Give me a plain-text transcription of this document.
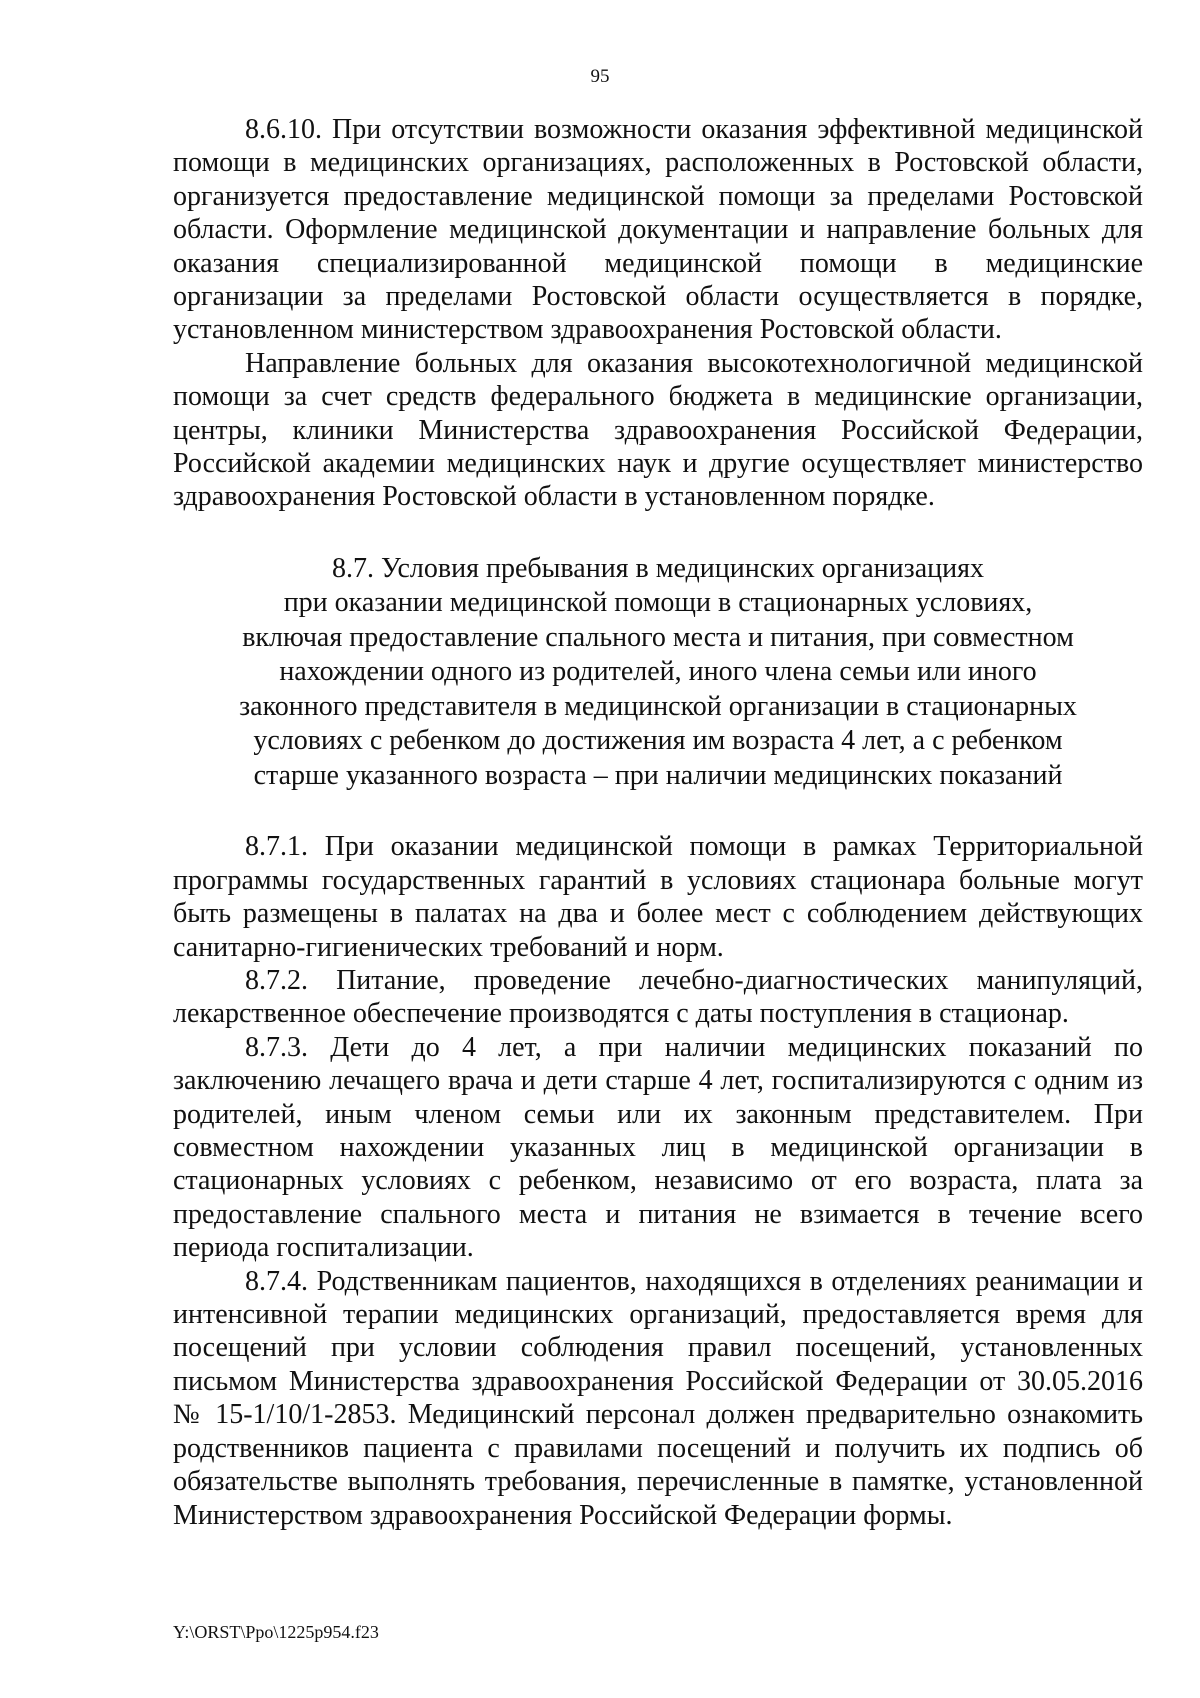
95

8.6.10. При отсутствии возможности оказания эффективной медицинской помощи в медицинских организациях, расположенных в Ростовской области, организуется предоставление медицинской помощи за пределами Ростовской области. Оформление медицинской документации и направление больных для оказания специализированной медицинской помощи в медицинские организации за пределами Ростовской области осуществляется в порядке, установленном министерством здравоохранения Ростовской области.

Направление больных для оказания высокотехнологичной медицинской помощи за счет средств федерального бюджета в медицинские организации, центры, клиники Министерства здравоохранения Российской Федерации, Российской академии медицинских наук и другие осуществляет министерство здравоохранения Ростовской области в установленном порядке.

8.7. Условия пребывания в медицинских организациях
при оказании медицинской помощи в стационарных условиях,
включая предоставление спального места и питания, при совместном
нахождении одного из родителей, иного члена семьи или иного
законного представителя в медицинской организации в стационарных
условиях с ребенком до достижения им возраста 4 лет, а с ребенком
старше указанного возраста – при наличии медицинских показаний

8.7.1. При оказании медицинской помощи в рамках Территориальной программы государственных гарантий в условиях стационара больные могут быть размещены в палатах на два и более мест с соблюдением действующих санитарно-гигиенических требований и норм.

8.7.2. Питание, проведение лечебно-диагностических манипуляций, лекарственное обеспечение производятся с даты поступления в стационар.

8.7.3. Дети до 4 лет, а при наличии медицинских показаний по заключению лечащего врача и дети старше 4 лет, госпитализируются с одним из родителей, иным членом семьи или их законным представителем. При совместном нахождении указанных лиц в медицинской организации в стационарных условиях с ребенком, независимо от его возраста, плата за предоставление спального места и питания не взимается в течение всего периода госпитализации.

8.7.4. Родственникам пациентов, находящихся в отделениях реанимации и интенсивной терапии медицинских организаций, предоставляется время для посещений при условии соблюдения правил посещений, установленных письмом Министерства здравоохранения Российской Федерации от 30.05.2016 № 15-1/10/1-2853. Медицинский персонал должен предварительно ознакомить родственников пациента с правилами посещений и получить их подпись об обязательстве выполнять требования, перечисленные в памятке, установленной Министерством здравоохранения Российской Федерации формы.

Y:\ORST\Ppo\1225p954.f23
